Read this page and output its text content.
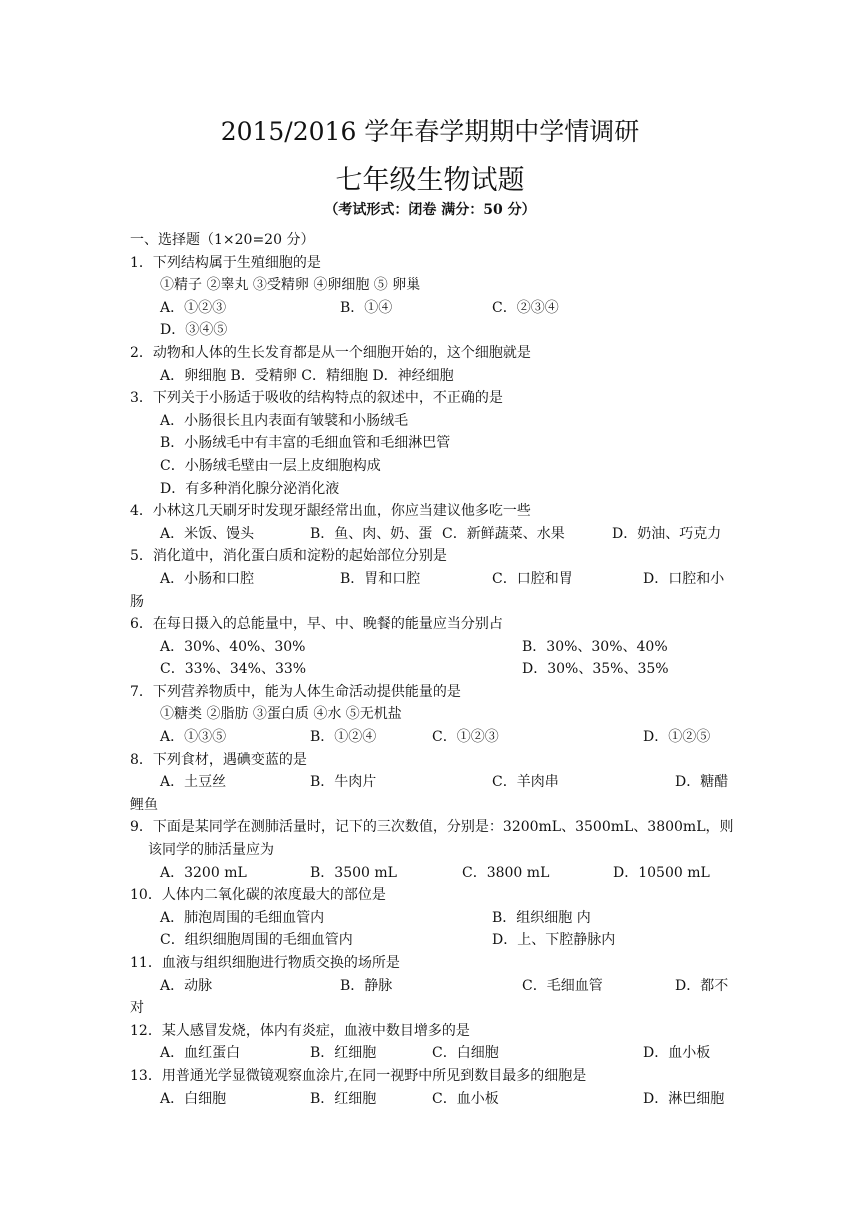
2015/2016 学年春学期期中学情调研
七年级生物试题
（考试形式：闭卷 满分：50 分）
一、选择题（1×20=20 分）
1．下列结构属于生殖细胞的是
①精子 ②睾丸 ③受精卵 ④卵细胞 ⑤ 卵巢
A．①②③	B．①④	C．②③④
D．③④⑤
2．动物和人体的生长发育都是从一个细胞开始的，这个细胞就是
A．卵细胞 B．受精卵 C．精细胞 D．神经细胞
3．下列关于小肠适于吸收的结构特点的叙述中，不正确的是
A．小肠很长且内表面有皱襞和小肠绒毛
B．小肠绒毛中有丰富的毛细血管和毛细淋巴管
C．小肠绒毛壁由一层上皮细胞构成
D．有多种消化腺分泌消化液
4．小林这几天刷牙时发现牙龈经常出血，你应当建议他多吃一些
A．米饭、馒头	B．鱼、肉、奶、蛋 C．新鲜蔬菜、水果	D．奶油、巧克力
5．消化道中，消化蛋白质和淀粉的起始部位分别是
A．小肠和口腔	B．胃和口腔	C．口腔和胃	D．口腔和小
肠
6．在每日摄入的总能量中，早、中、晚餐的能量应当分别占
A．30%、40%、30%	B．30%、30%、40%
C．33%、34%、33%	D．30%、35%、35%
7．下列营养物质中，能为人体生命活动提供能量的是
①糖类 ②脂肪 ③蛋白质 ④水 ⑤无机盐
A．①③⑤	B．①②④	C．①②③	D．①②⑤
8．下列食材，遇碘变蓝的是
A．土豆丝	B．牛肉片	C．羊肉串	D．糖醋
鲤鱼
9．下面是某同学在测肺活量时，记下的三次数值，分别是：3200mL、3500mL、3800mL，则
该同学的肺活量应为
A．3200 mL	B．3500 mL	C．3800 mL	D．10500 mL
10．人体内二氧化碳的浓度最大的部位是
A．肺泡周围的毛细血管内	B．组织细胞 内
C．组织细胞周围的毛细血管内	D．上、下腔静脉内
11．血液与组织细胞进行物质交换的场所是
A．动脉	B．静脉	C．毛细血管	D．都不
对
12．某人感冒发烧，体内有炎症，血液中数目增多的是
A．血红蛋白	B．红细胞	C．白细胞	D．血小板
13．用普通光学显微镜观察血涂片,在同一视野中所见到数目最多的细胞是
A．白细胞	B．红细胞	C．血小板	D．淋巴细胞
